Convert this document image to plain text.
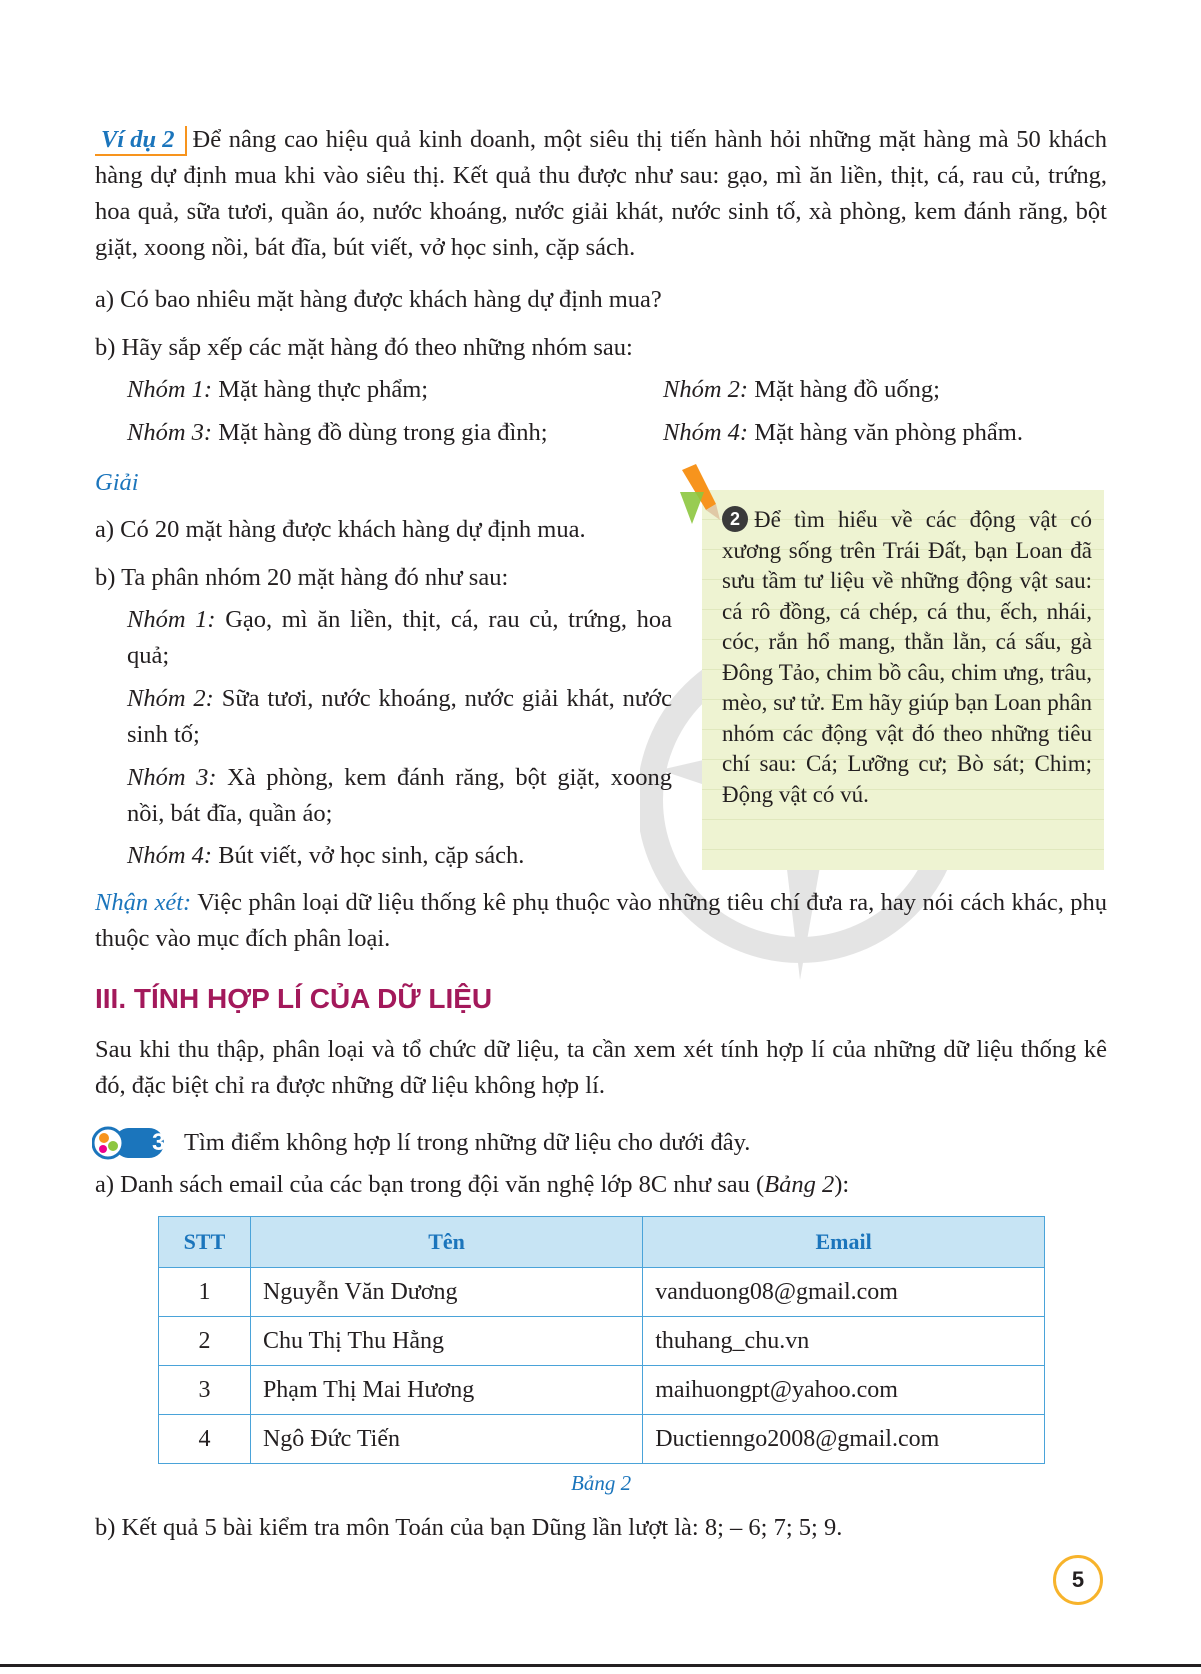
Ví dụ 2 Để nâng cao hiệu quả kinh doanh, một siêu thị tiến hành hỏi những mặt hàng mà 50 khách hàng dự định mua khi vào siêu thị. Kết quả thu được như sau: gạo, mì ăn liền, thịt, cá, rau củ, trứng, hoa quả, sữa tươi, quần áo, nước khoáng, nước giải khát, nước sinh tố, xà phòng, kem đánh răng, bột giặt, xoong nồi, bát đĩa, bút viết, vở học sinh, cặp sách.
a) Có bao nhiêu mặt hàng được khách hàng dự định mua?
b) Hãy sắp xếp các mặt hàng đó theo những nhóm sau:
Nhóm 1: Mặt hàng thực phẩm;	Nhóm 2: Mặt hàng đồ uống;
Nhóm 3: Mặt hàng đồ dùng trong gia đình;	Nhóm 4: Mặt hàng văn phòng phẩm.
Giải
a) Có 20 mặt hàng được khách hàng dự định mua.
b) Ta phân nhóm 20 mặt hàng đó như sau:
Nhóm 1: Gạo, mì ăn liền, thịt, cá, rau củ, trứng, hoa quả;
Nhóm 2: Sữa tươi, nước khoáng, nước giải khát, nước sinh tố;
Nhóm 3: Xà phòng, kem đánh răng, bột giặt, xoong nồi, bát đĩa, quần áo;
Nhóm 4: Bút viết, vở học sinh, cặp sách.
2 Để tìm hiểu về các động vật có xương sống trên Trái Đất, bạn Loan đã sưu tầm tư liệu về những động vật sau: cá rô đồng, cá chép, cá thu, ếch, nhái, cóc, rắn hổ mang, thằn lằn, cá sấu, gà Đông Tảo, chim bồ câu, chim ưng, trâu, mèo, sư tử. Em hãy giúp bạn Loan phân nhóm các động vật đó theo những tiêu chí sau: Cá; Lưỡng cư; Bò sát; Chim; Động vật có vú.
Nhận xét: Việc phân loại dữ liệu thống kê phụ thuộc vào những tiêu chí đưa ra, hay nói cách khác, phụ thuộc vào mục đích phân loại.
III. TÍNH HỢP LÍ CỦA DỮ LIỆU
Sau khi thu thập, phân loại và tổ chức dữ liệu, ta cần xem xét tính hợp lí của những dữ liệu thống kê đó, đặc biệt chỉ ra được những dữ liệu không hợp lí.
3 Tìm điểm không hợp lí trong những dữ liệu cho dưới đây.
a) Danh sách email của các bạn trong đội văn nghệ lớp 8C như sau (Bảng 2):
STT	Tên	Email
1	Nguyễn Văn Dương	vanduong08@gmail.com
2	Chu Thị Thu Hằng	thuhang_chu.vn
3	Phạm Thị Mai Hương	maihuongpt@yahoo.com
4	Ngô Đức Tiến	Ductienngo2008@gmail.com
Bảng 2
b) Kết quả 5 bài kiểm tra môn Toán của bạn Dũng lần lượt là: 8; – 6; 7; 5; 9.
5
